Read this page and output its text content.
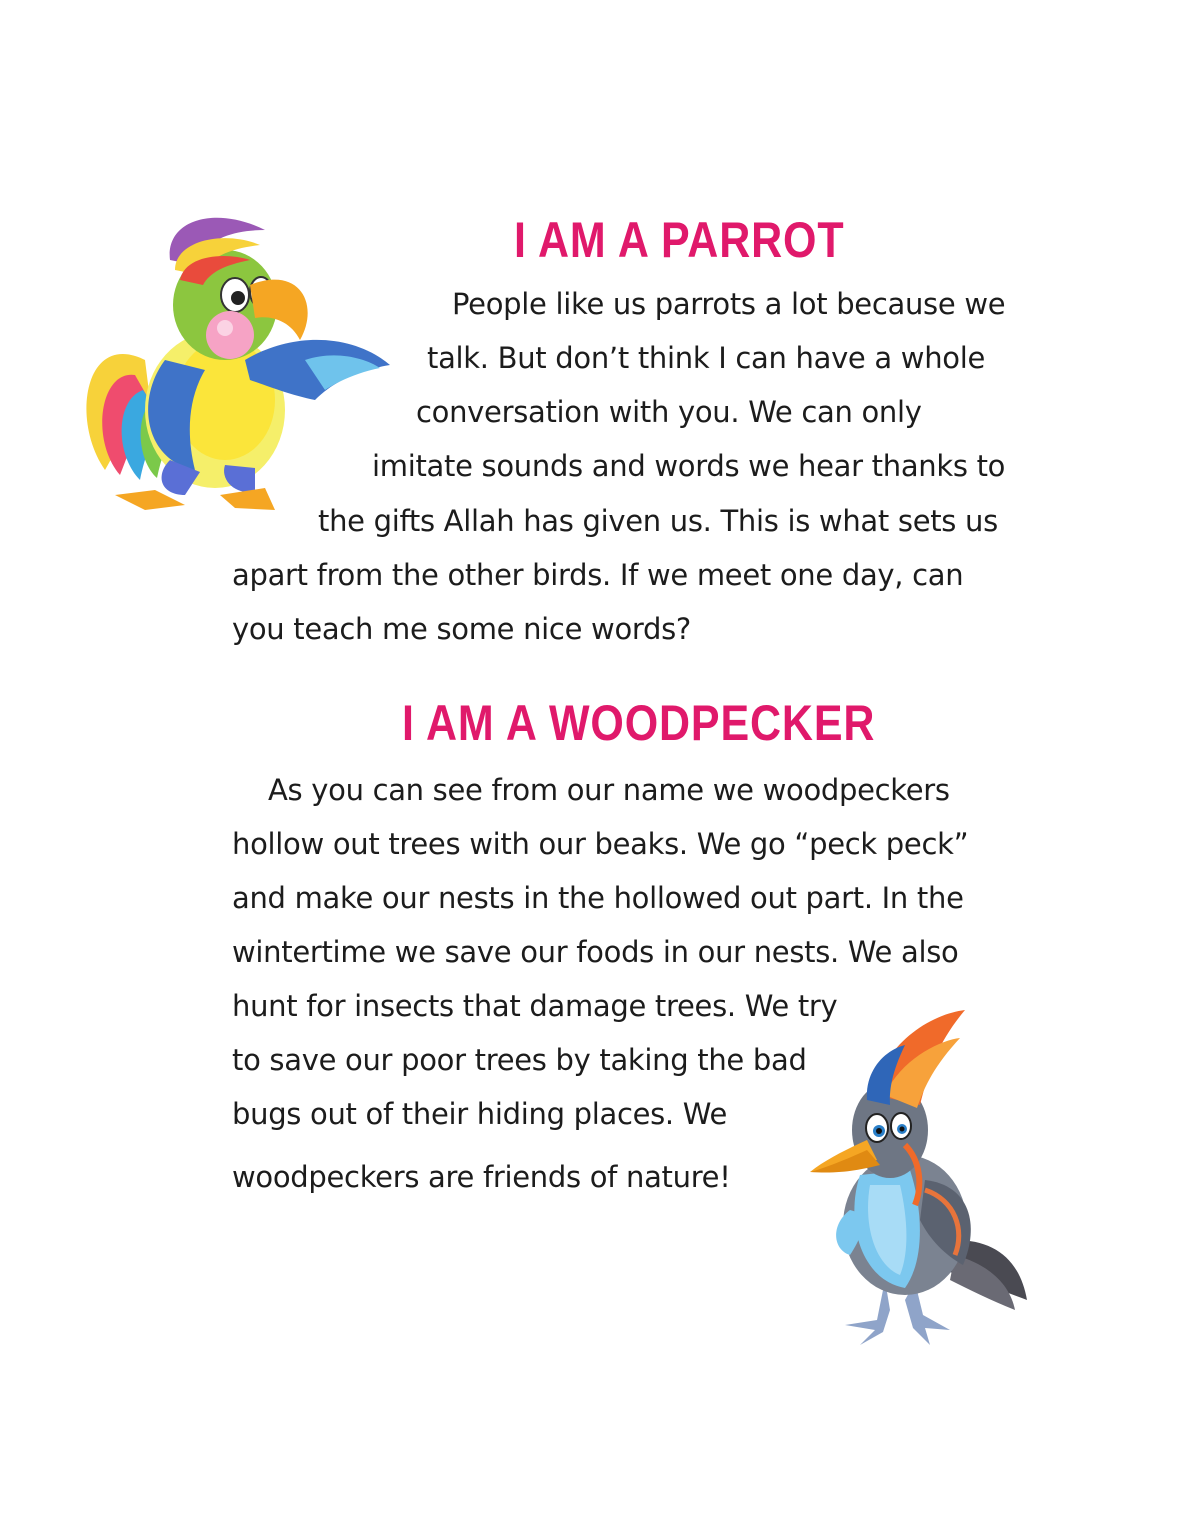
I AM A PARROT
People like us parrots a lot because we
talk. But don’t think I can have a whole
conversation with you. We can only
imitate sounds and words we hear thanks to
the gifts Allah has given us. This is what sets us
apart from the other birds. If we meet one day, can
you teach me some nice words?
I AM A WOODPECKER
As you can see from our name we woodpeckers
hollow out trees with our beaks. We go “peck peck”
and make our nests in the hollowed out part. In the
wintertime we save our foods in our nests. We also
hunt for insects that damage trees. We try
to save our poor trees by taking the bad
bugs out of their hiding places. We
woodpeckers are friends of nature!
